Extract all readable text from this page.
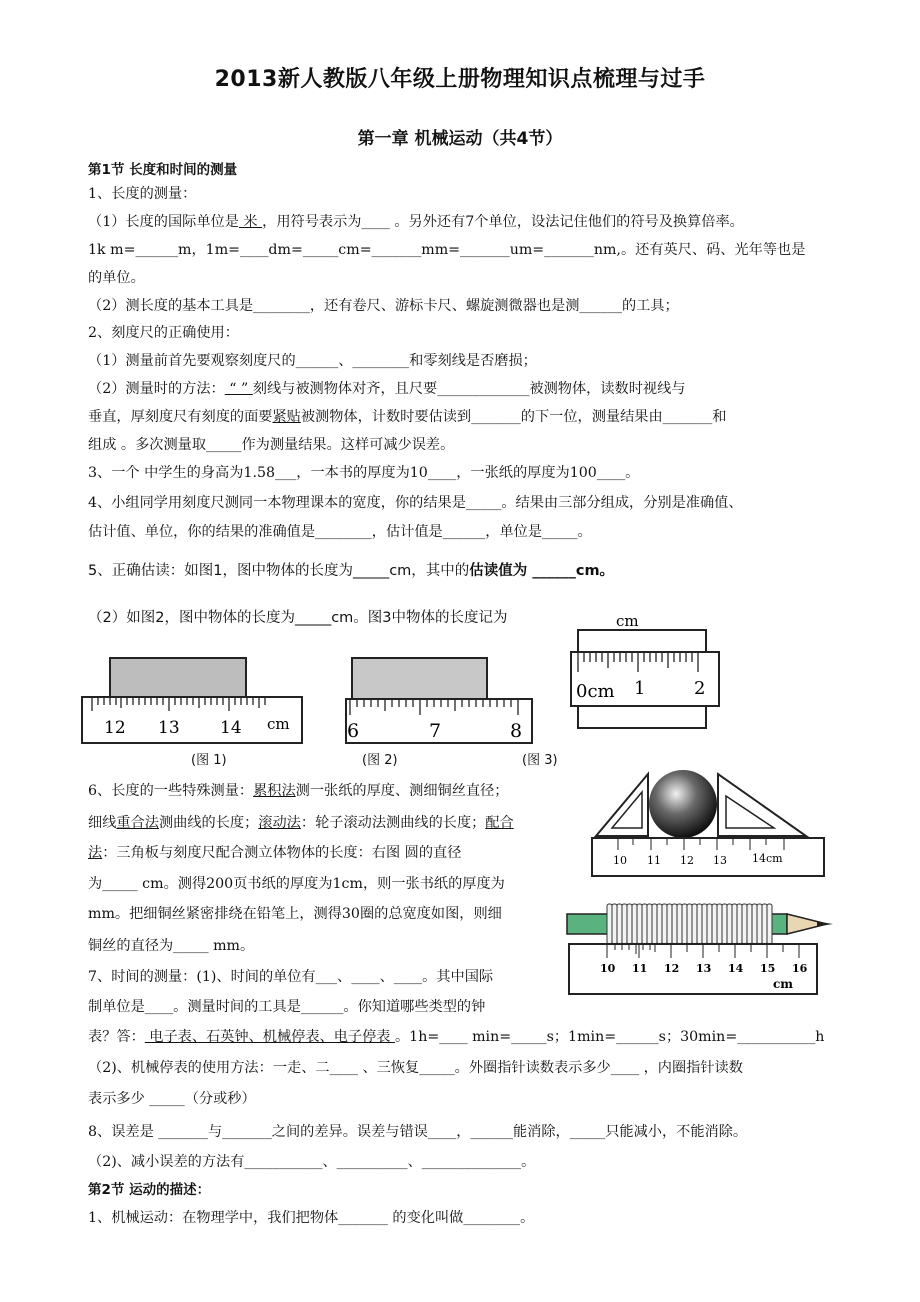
2013新人教版八年级上册物理知识点梳理与过手
第一章 机械运动（共4节）
第1节 长度和时间的测量
1、长度的测量：
（1）长度的国际单位是 米 ，用符号表示为____ 。另外还有7个单位，设法记住他们的符号及换算倍率。
1k m=______m，1m=____dm=_____cm=_______mm=_______um=_______nm,。还有英尺、码、光年等也是
的单位。
（2）测长度的基本工具是________，还有卷尺、游标卡尺、螺旋测微器也是测______的工具；
2、刻度尺的正确使用：
（1）测量前首先要观察刻度尺的______、________和零刻线是否磨损；
（2）测量时的方法： “ ” 刻线与被测物体对齐，且尺要_____________被测物体，读数时视线与
垂直，厚刻度尺有刻度的面要紧贴被测物体，计数时要估读到_______的下一位，测量结果由_______和
组成 。多次测量取_____作为测量结果。这样可减少误差。
3、一个 中学生的身高为1.58___，一本书的厚度为10____，一张纸的厚度为100____。
4、小组同学用刻度尺测同一本物理课本的宽度，你的结果是_____。结果由三部分组成，分别是准确值、
估计值、单位，你的结果的准确值是________，估计值是______，单位是_____。
5、正确估读：如图1，图中物体的长度为_____cm，其中的估读值为 ______cm。
（2）如图2，图中物体的长度为_____cm。图3中物体的长度记为
12 13 14 cm
(图 1)
6	7	8
(图 2)
cm
0cm 1	2
(图 3)
6、长度的一些特殊测量：累积法测一张纸的厚度、测细铜丝直径；
细线重合法测曲线的长度；滚动法：轮子滚动法测曲线的长度；配合
法：三角板与刻度尺配合测立体物体的长度：右图 圆的直径
为_____ cm。测得200页书纸的厚度为1cm，则一张书纸的厚度为
mm。把细铜丝紧密排绕在铅笔上，测得30圈的总宽度如图，则细
铜丝的直径为_____ mm。
7、时间的测量：(1)、时间的单位有___、____、____。其中国际
制单位是____。测量时间的工具是______。你知道哪些类型的钟
表？答： 电子表、石英钟、机械停表、电子停表 。1h=____ min=_____s；1min=______s；30min=___________h
（2)、机械停表的使用方法：一走、二____ 、三恢复_____。外圈指针读数表示多少____ ，内圈指针读数
表示多少 _____（分或秒）
8、误差是 _______与_______之间的差异。误差与错误____，______能消除，_____只能减小，不能消除。
（2)、减小误差的方法有___________、__________、______________。
第2节 运动的描述：
1、机械运动：在物理学中，我们把物体_______ 的变化叫做________。
10 11 12 13 14cm
10 11 12 13 14 15 16
cm
